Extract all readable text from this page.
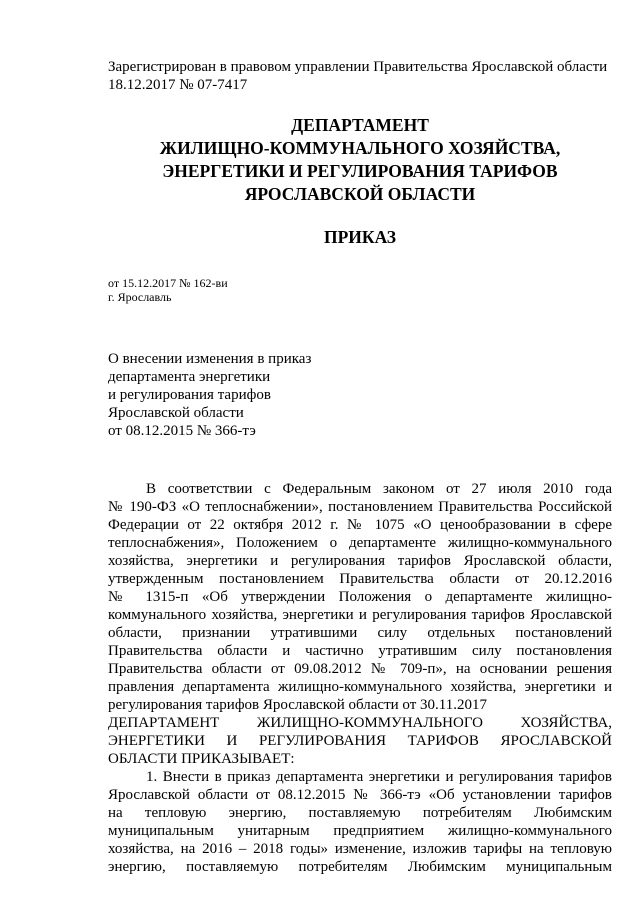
Зарегистрирован в правовом управлении Правительства Ярославской области
18.12.2017 № 07-7417
ДЕПАРТАМЕНТ
ЖИЛИЩНО-КОММУНАЛЬНОГО ХОЗЯЙСТВА,
ЭНЕРГЕТИКИ И РЕГУЛИРОВАНИЯ ТАРИФОВ
ЯРОСЛАВСКОЙ ОБЛАСТИ
ПРИКАЗ
от 15.12.2017 № 162-ви
г. Ярославль
О внесении изменения в приказ
департамента энергетики
и регулирования тарифов
Ярославской области
от 08.12.2015 № 366-тэ
В соответствии с Федеральным законом от 27 июля 2010 года
№ 190-ФЗ «О теплоснабжении», постановлением Правительства Российской
Федерации от 22 октября 2012 г. № 1075 «О ценообразовании в сфере
теплоснабжения», Положением о департаменте жилищно-коммунального
хозяйства, энергетики и регулирования тарифов Ярославской области,
утвержденным постановлением Правительства области от 20.12.2016
№ 1315-п «Об утверждении Положения о департаменте жилищно-
коммунального хозяйства, энергетики и регулирования тарифов Ярославской
области, признании утратившими силу отдельных постановлений
Правительства области и частично утратившим силу постановления
Правительства области от 09.08.2012 № 709-п», на основании решения
правления департамента жилищно-коммунального хозяйства, энергетики и
регулирования тарифов Ярославской области от 30.11.2017
ДЕПАРТАМЕНТ ЖИЛИЩНО-КОММУНАЛЬНОГО ХОЗЯЙСТВА,
ЭНЕРГЕТИКИ И РЕГУЛИРОВАНИЯ ТАРИФОВ ЯРОСЛАВСКОЙ
ОБЛАСТИ ПРИКАЗЫВАЕТ:
1. Внести в приказ департамента энергетики и регулирования тарифов
Ярославской области от 08.12.2015 № 366-тэ «Об установлении тарифов
на тепловую энергию, поставляемую потребителям Любимским
муниципальным унитарным предприятием жилищно-коммунального
хозяйства, на 2016 – 2018 годы» изменение, изложив тарифы на тепловую
энергию, поставляемую потребителям Любимским муниципальным
